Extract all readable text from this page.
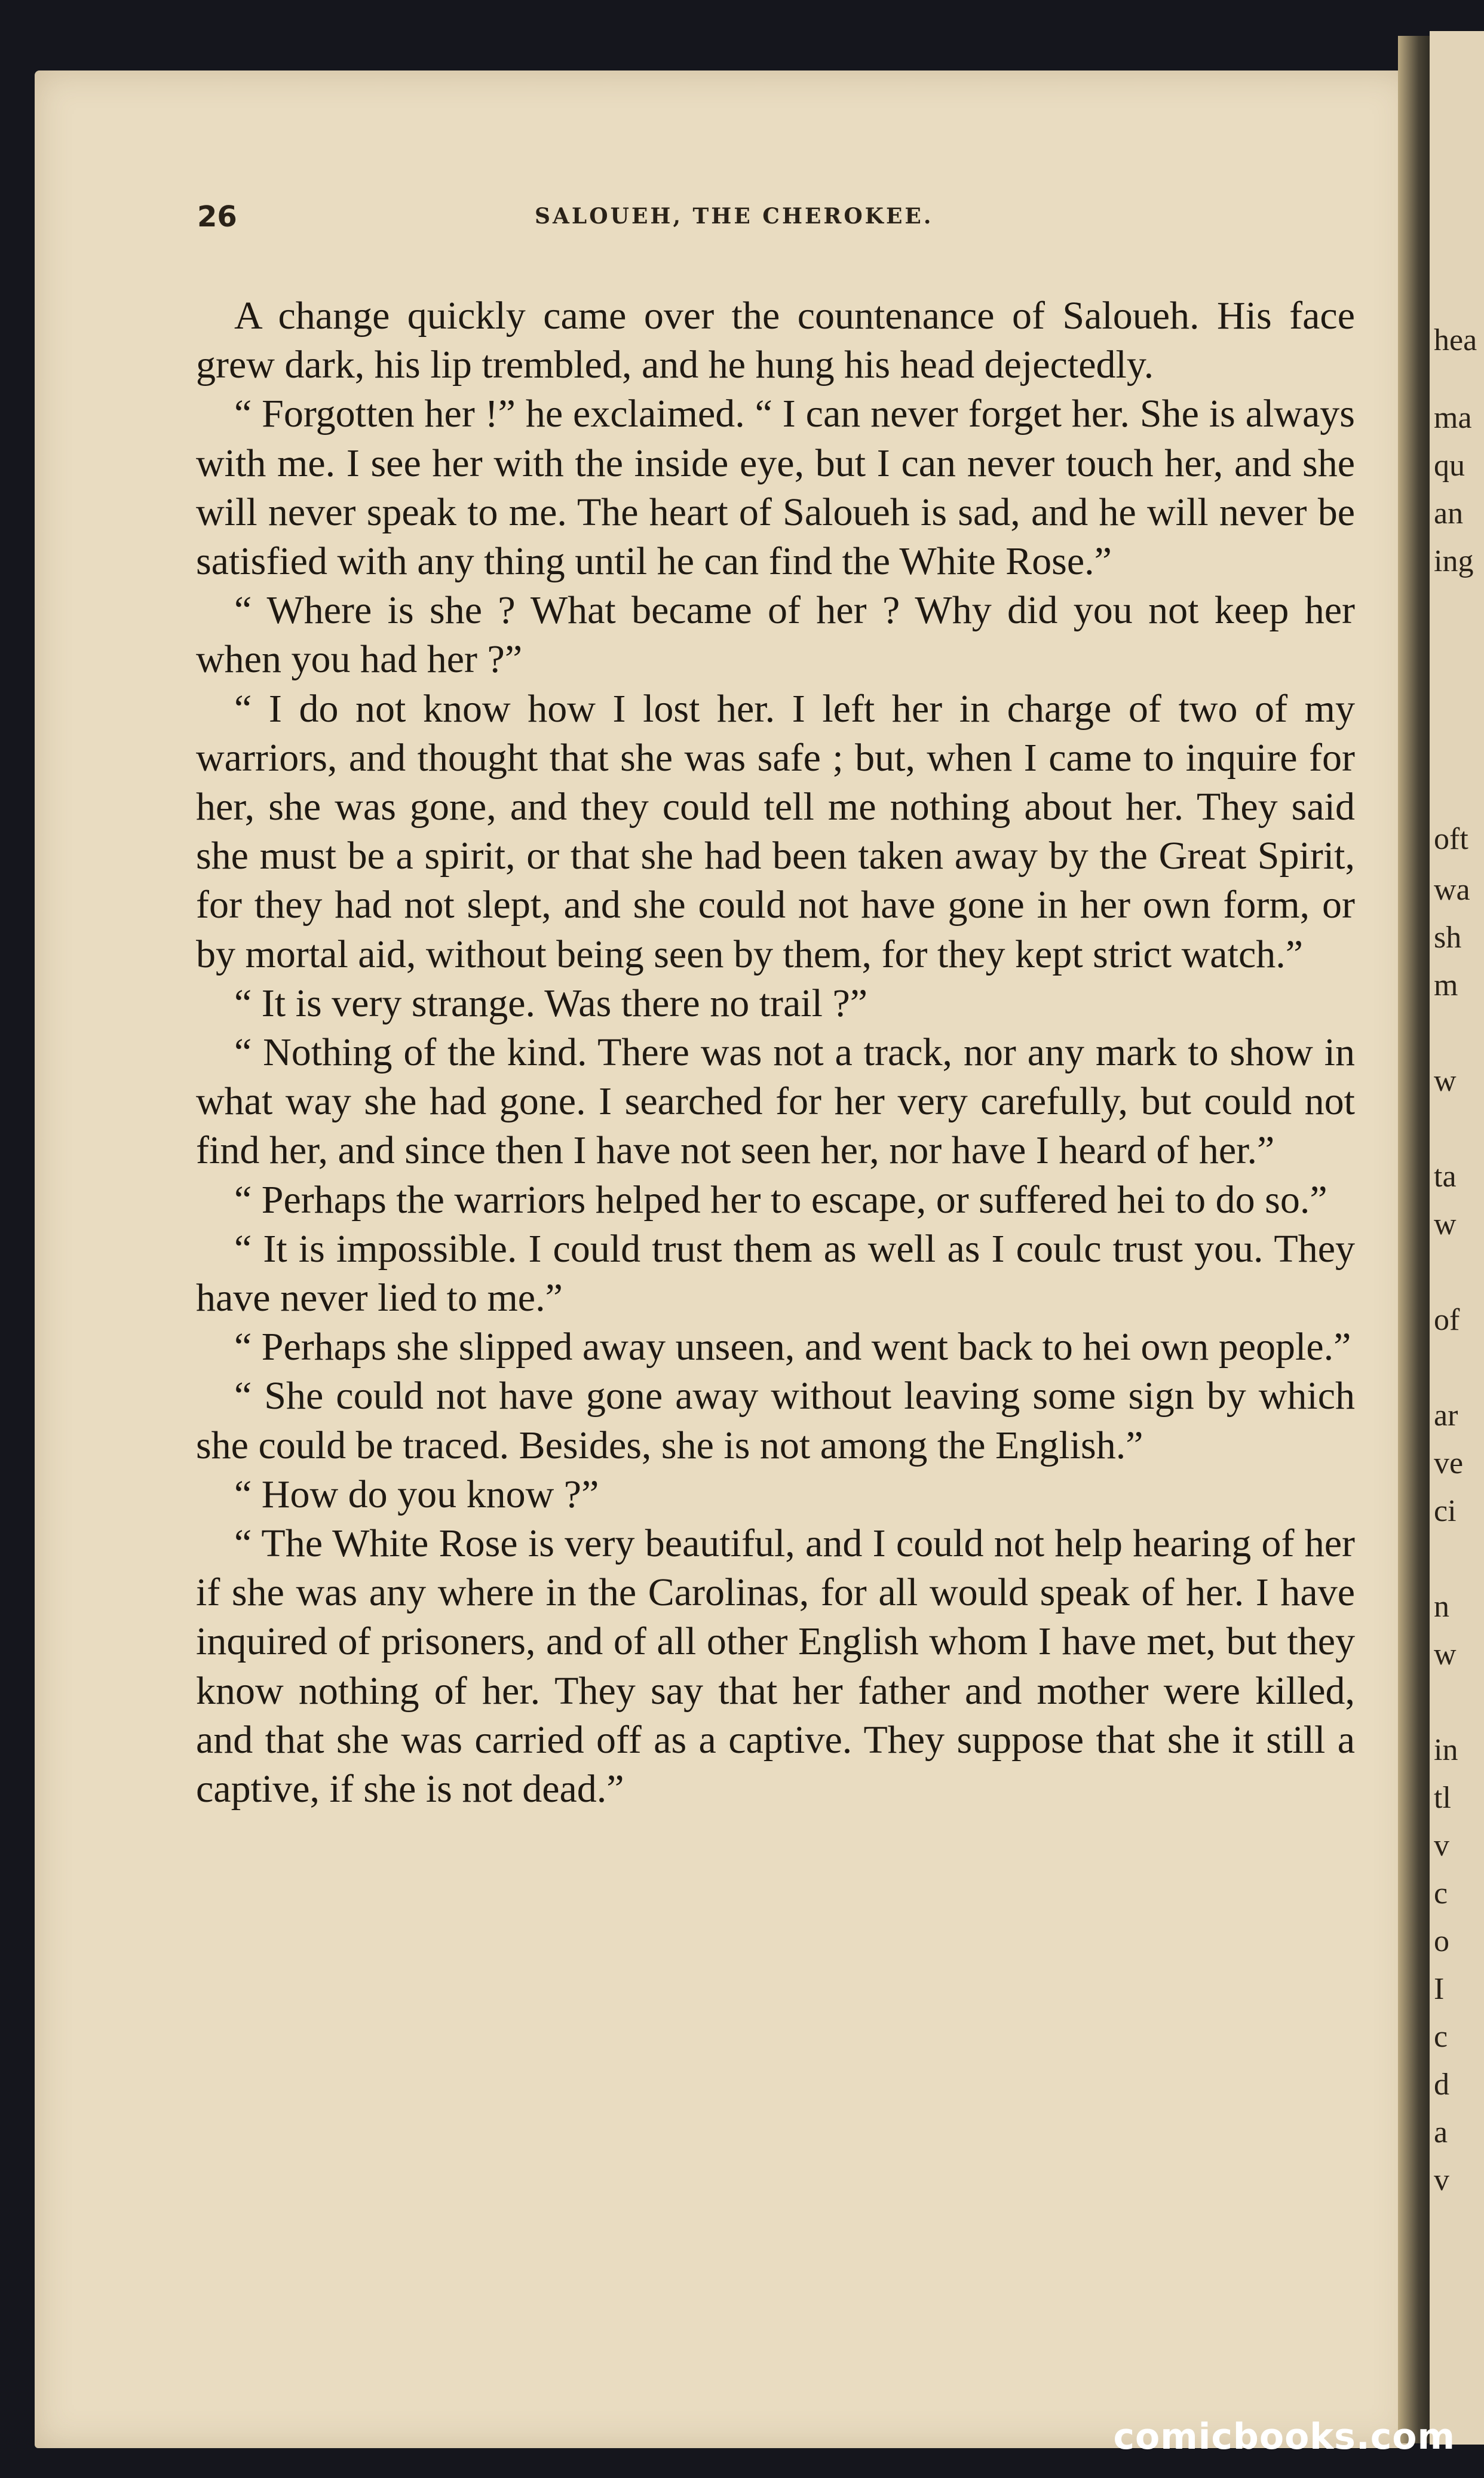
26	SALOUEH, THE CHEROKEE.

A change quickly came over the countenance of Saloueh. His face grew dark, his lip trembled, and he hung his head dejectedly.

“ Forgotten her !” he exclaimed. “ I can never forget her. She is always with me. I see her with the inside eye, but I can never touch her, and she will never speak to me. The heart of Saloueh is sad, and he will never be satisfied with any thing until he can find the White Rose.”

“ Where is she ? What became of her ? Why did you not keep her when you had her ?”

“ I do not know how I lost her. I left her in charge of two of my warriors, and thought that she was safe ; but, when I came to inquire for her, she was gone, and they could tell me nothing about her. They said she must be a spirit, or that she had been taken away by the Great Spirit, for they had not slept, and she could not have gone in her own form, or by mortal aid, without being seen by them, for they kept strict watch.”

“ It is very strange. Was there no trail ?”

“ Nothing of the kind. There was not a track, nor any mark to show in what way she had gone. I searched for her very carefully, but could not find her, and since then I have not seen her, nor have I heard of her.”

“ Perhaps the warriors helped her to escape, or suffered hei to do so.”

“ It is impossible. I could trust them as well as I coulc trust you. They have never lied to me.”

“ Perhaps she slipped away unseen, and went back to hei own people.”

“ She could not have gone away without leaving some sign by which she could be traced. Besides, she is not among the English.”

“ How do you know ?”

“ The White Rose is very beautiful, and I could not help hearing of her if she was any where in the Carolinas, for all would speak of her. I have inquired of prisoners, and of all other English whom I have met, but they know nothing of her. They say that her father and mother were killed, and that she was carried off as a captive. They suppose that she it still a captive, if she is not dead.”

hea
ma
qu
an
ing
oft
wa
sh
m
w
ta
w
of
ar
ve
ci
n
w
in
tl
v
c
o
I
c
d
a
v
comicbooks.com
